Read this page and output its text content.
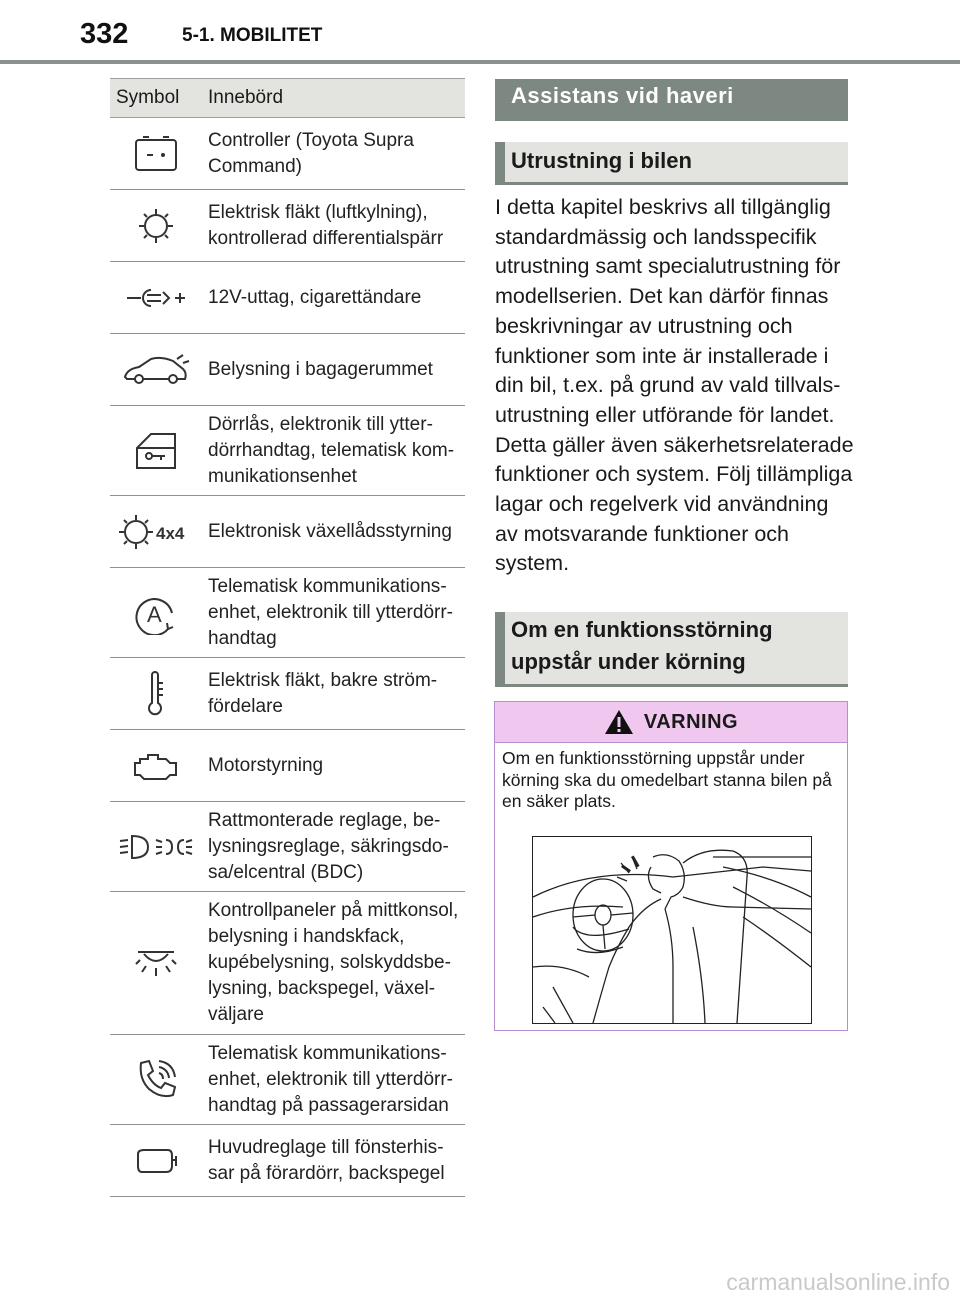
332	5-1. MOBILITET
Symbol	Innebörd

	Controller (Toyota Supra Command)

	Elektrisk fläkt (luftkylning), kontrollerad differentialspärr

	12V-uttag, cigarettändare

	Belysning i bagagerummet

	Dörrlås, elektronik till ytterdörrhandtag, telematisk kommunikationsenhet

4x4	Elektronisk växellådsstyrning

A	Telematisk kommunikationsenhet, elektronik till ytterdörrhandtag

	Elektrisk fläkt, bakre strömfördelare

	Motorstyrning

	Rattmonterade reglage, belysningsreglage, säkringsdosa/elcentral (BDC)

	Kontrollpaneler på mittkonsol, belysning i handskfack, kupébelysning, solskyddsbelysning, backspegel, växelväljare

	Telematisk kommunikationsenhet, elektronik till ytterdörrhandtag på passagerarsidan

	Huvudreglage till fönsterhissar på förardörr, backspegel
Assistans vid haveri
Utrustning i bilen

I detta kapitel beskrivs all tillgänglig standardmässig och landsspecifik utrustning samt specialutrustning för modellserien. Det kan därför finnas beskrivningar av utrustning och funktioner som inte är installerade i din bil, t.ex. på grund av vald tillvalsutrustning eller utförande för landet. Detta gäller även säkerhetsrelaterade funktioner och system. Följ tillämpliga lagar och regelverk vid användning av motsvarande funktioner och system.

Om en funktionsstörning uppstår under körning
VARNING
Om en funktionsstörning uppstår under körning ska du omedelbart stanna bilen på en säker plats.
carmanualsonline.info
